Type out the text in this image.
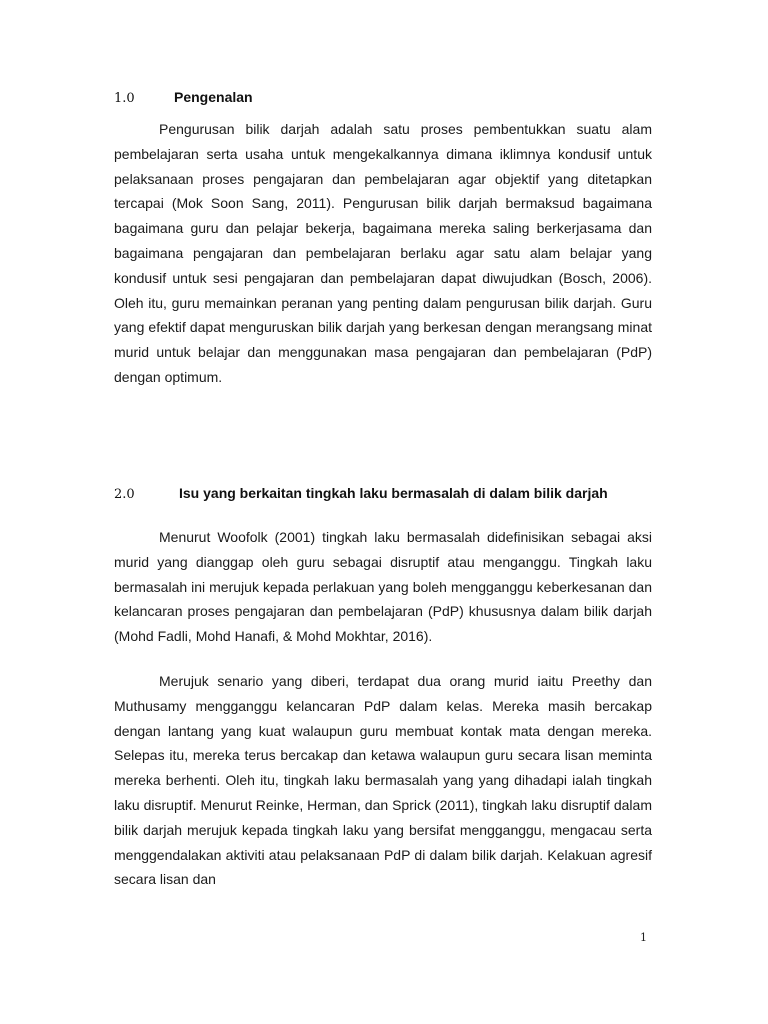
1.0	Pengenalan

Pengurusan bilik darjah adalah satu proses pembentukkan suatu alam pembelajaran serta usaha untuk mengekalkannya dimana iklimnya kondusif untuk pelaksanaan proses pengajaran dan pembelajaran agar objektif yang ditetapkan tercapai (Mok Soon Sang, 2011). Pengurusan bilik darjah bermaksud bagaimana bagaimana guru dan pelajar bekerja, bagaimana mereka saling berkerjasama dan bagaimana pengajaran dan pembelajaran berlaku agar satu alam belajar yang kondusif untuk sesi pengajaran dan pembelajaran dapat diwujudkan (Bosch, 2006). Oleh itu, guru memainkan peranan yang penting dalam pengurusan bilik darjah. Guru yang efektif dapat menguruskan bilik darjah yang berkesan dengan merangsang minat murid untuk belajar dan menggunakan masa pengajaran dan pembelajaran (PdP) dengan optimum.

2.0	Isu yang berkaitan tingkah laku bermasalah di dalam bilik darjah

Menurut Woofolk (2001) tingkah laku bermasalah didefinisikan sebagai aksi murid yang dianggap oleh guru sebagai disruptif atau menganggu. Tingkah laku bermasalah ini merujuk kepada perlakuan yang boleh mengganggu keberkesanan dan kelancaran proses pengajaran dan pembelajaran (PdP) khususnya dalam bilik darjah (Mohd Fadli, Mohd Hanafi, & Mohd Mokhtar, 2016).

Merujuk senario yang diberi, terdapat dua orang murid iaitu Preethy dan Muthusamy mengganggu kelancaran PdP dalam kelas. Mereka masih bercakap dengan lantang yang kuat walaupun guru membuat kontak mata dengan mereka. Selepas itu, mereka terus bercakap dan ketawa walaupun guru secara lisan meminta mereka berhenti. Oleh itu, tingkah laku bermasalah yang yang dihadapi ialah tingkah laku disruptif. Menurut Reinke, Herman, dan Sprick (2011), tingkah laku disruptif dalam bilik darjah merujuk kepada tingkah laku yang bersifat mengganggu, mengacau serta menggendalakan aktiviti atau pelaksanaan PdP di dalam bilik darjah. Kelakuan agresif secara lisan dan

1
